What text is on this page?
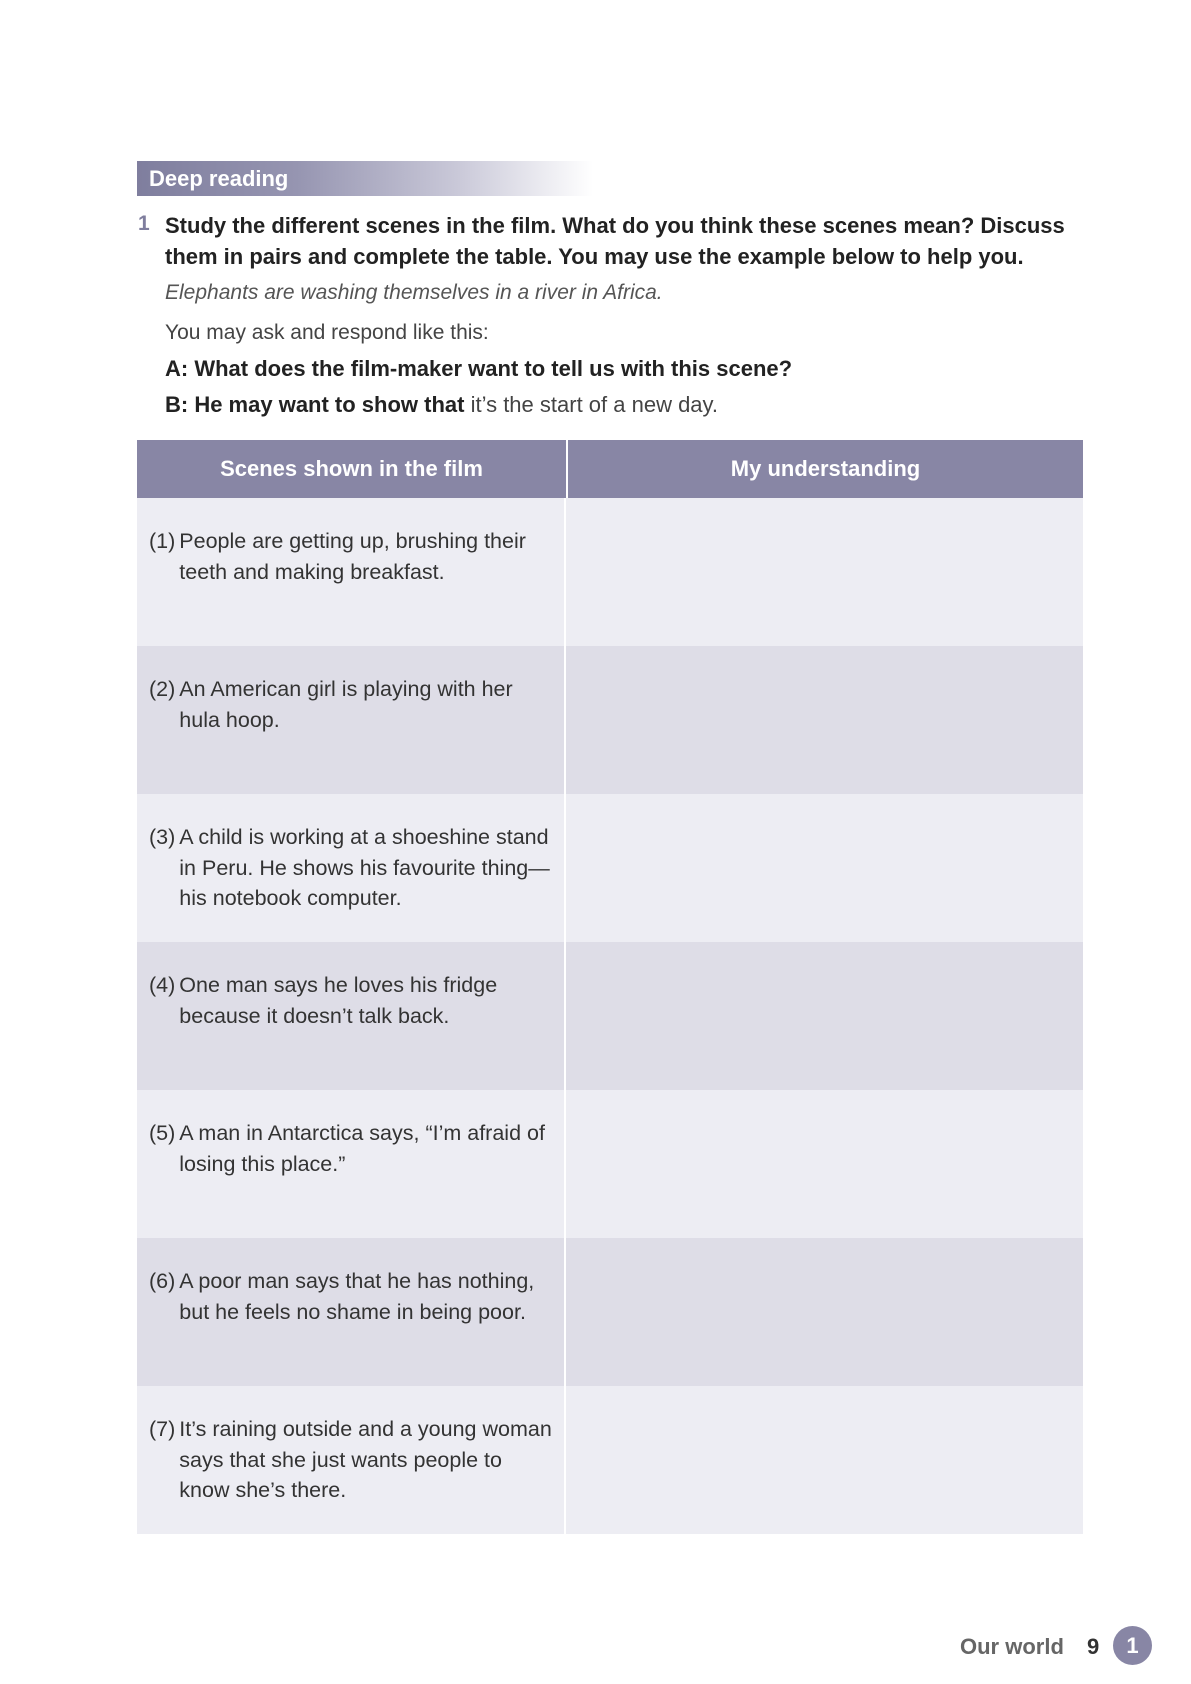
Deep reading
1 Study the different scenes in the film. What do you think these scenes mean? Discuss them in pairs and complete the table. You may use the example below to help you.
Elephants are washing themselves in a river in Africa.
You may ask and respond like this:
A: What does the film-maker want to tell us with this scene?
B: He may want to show that it’s the start of a new day.
Scenes shown in the film	My understanding
(1) People are getting up, brushing their teeth and making breakfast.
(2) An American girl is playing with her hula hoop.
(3) A child is working at a shoeshine stand in Peru. He shows his favourite thing—his notebook computer.
(4) One man says he loves his fridge because it doesn’t talk back.
(5) A man in Antarctica says, “I’m afraid of losing this place.”
(6) A poor man says that he has nothing, but he feels no shame in being poor.
(7) It’s raining outside and a young woman says that she just wants people to know she’s there.
Our world 9	1
